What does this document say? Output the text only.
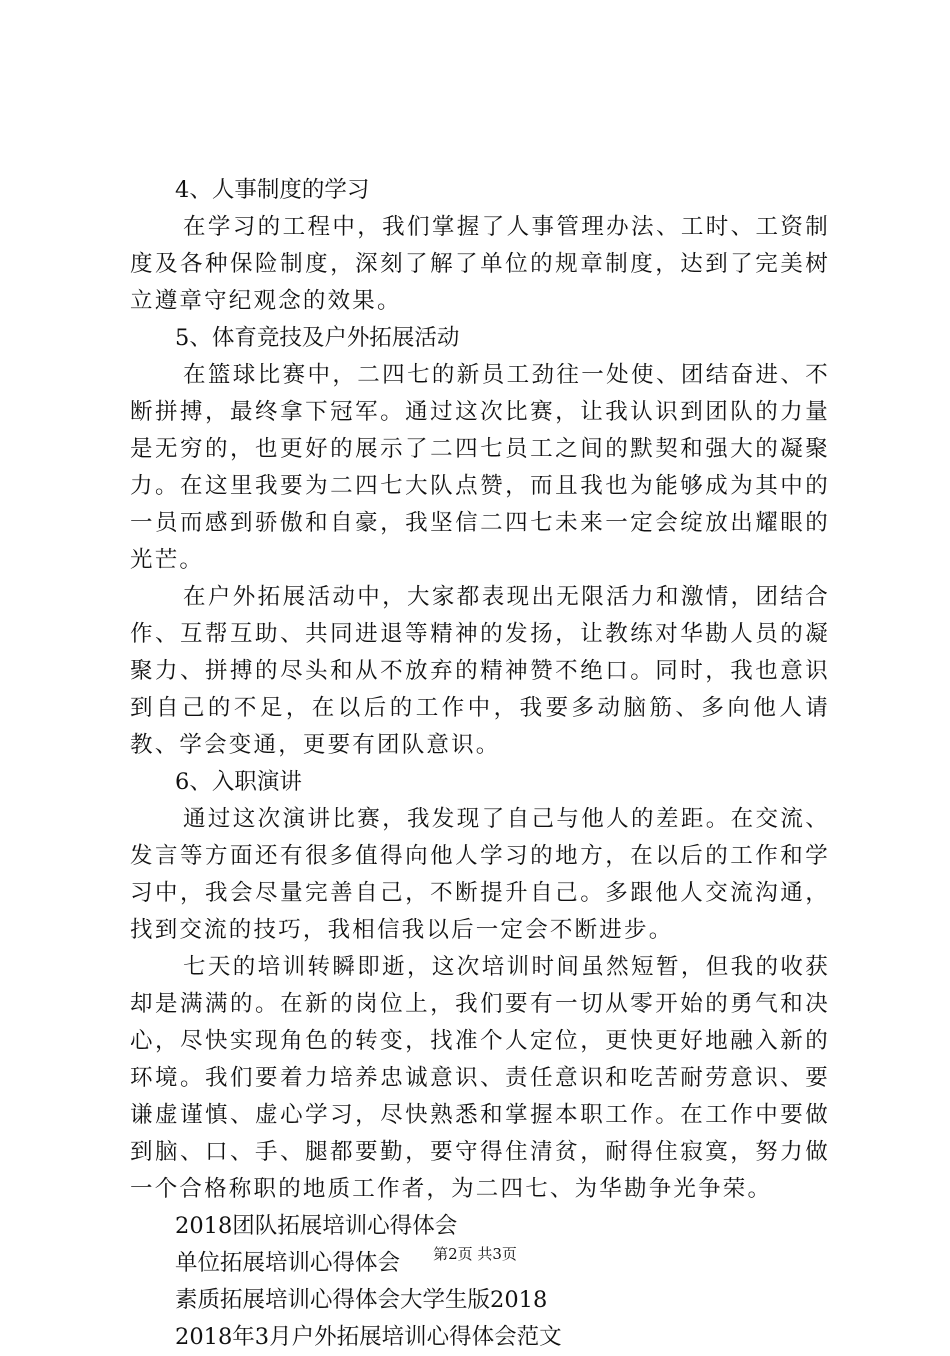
4、人事制度的学习

在学习的工程中，我们掌握了人事管理办法、工时、工资制度及各种保险制度，深刻了解了单位的规章制度，达到了完美树立遵章守纪观念的效果。

5、体育竞技及户外拓展活动

在篮球比赛中，二四七的新员工劲往一处使、团结奋进、不断拼搏，最终拿下冠军。通过这次比赛，让我认识到团队的力量是无穷的，也更好的展示了二四七员工之间的默契和强大的凝聚力。在这里我要为二四七大队点赞，而且我也为能够成为其中的一员而感到骄傲和自豪，我坚信二四七未来一定会绽放出耀眼的光芒。

在户外拓展活动中，大家都表现出无限活力和激情，团结合作、互帮互助、共同进退等精神的发扬，让教练对华勘人员的凝聚力、拼搏的尽头和从不放弃的精神赞不绝口。同时，我也意识到自己的不足，在以后的工作中，我要多动脑筋、多向他人请教、学会变通，更要有团队意识。

6、入职演讲

通过这次演讲比赛，我发现了自己与他人的差距。在交流、发言等方面还有很多值得向他人学习的地方，在以后的工作和学习中，我会尽量完善自己，不断提升自己。多跟他人交流沟通，找到交流的技巧，我相信我以后一定会不断进步。

七天的培训转瞬即逝，这次培训时间虽然短暂，但我的收获却是满满的。在新的岗位上，我们要有一切从零开始的勇气和决心，尽快实现角色的转变，找准个人定位，更快更好地融入新的环境。我们要着力培养忠诚意识、责任意识和吃苦耐劳意识、要谦虚谨慎、虚心学习，尽快熟悉和掌握本职工作。在工作中要做到脑、口、手、腿都要勤，要守得住清贫，耐得住寂寞，努力做一个合格称职的地质工作者，为二四七、为华勘争光争荣。

2018团队拓展培训心得体会
单位拓展培训心得体会
素质拓展培训心得体会大学生版2018
2018年3月户外拓展培训心得体会范文
第2页 共3页
